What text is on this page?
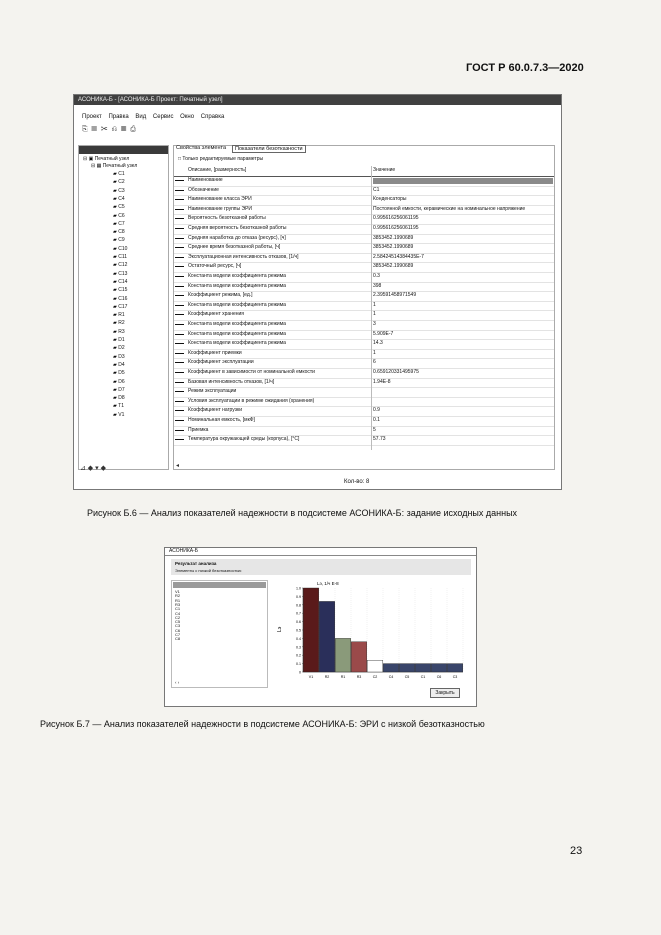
ГОСТ Р 60.0.7.3—2020
АСОНИКА-Б - [АСОНИКА-Б Проект: Печатный узел]
Проект Правка Вид Сервис Окно Справка
⎘ ▤ ✂ ⎌ ▦ ⎙
⊟ ▣ Печатный узел
⊟ ▦ Печатный узел
▰ C1
▰ C2
▰ C3
▰ C4
▰ C5
▰ C6
▰ C7
▰ C8
▰ C9
▰ C10
▰ C11
▰ C12
▰ C13
▰ C14
▰ C15
▰ C16
▰ C17
▰ R1
▰ R2
▰ R3
▰ D1
▰ D2
▰ D3
▰ D4
▰ D5
▰ D6
▰ D7
▰ D8
▰ T1
▰ V1
⊿ ◆ ▾ ◆
Свойства элемента	Показатели безотказности
□ Только редактируемые параметры
Описание, [размерность]	Значение
Наименование
Обозначение	C1
Наименование класса ЭРИ	Конденсаторы
Наименование группы ЭРИ	Постоянной емкости, керамические на номинальное напряжение
Вероятность безотказной работы	0.995616256061195
Средняя вероятность безотказной работы	0.995616256061195
Средняя наработка до отказа (ресурс), [ч]	3853452.1990689
Среднее время безотказной работы, [ч]	3853452.1990689
Эксплуатационная интенсивность отказов, [1/ч]	2.58424514384435E-7
Остаточный ресурс, [ч]	3853452.1990689
Константа модели коэффициента режима	0.3
Константа модели коэффициента режима	398
Коэффициент режима, [ед.]	2.39591458971549
Константа модели коэффициента режима	1
Коэффициент хранения	1
Константа модели коэффициента режима	3
Константа модели коэффициента режима	5.909E-7
Константа модели коэффициента режима	14.3
Коэффициент приемки	1
Коэффициент эксплуатации	6
Коэффициент в зависимости от номинальной емкости	0.659120331495975
Базовая интенсивность отказов, [1/ч]	1.94E-8
Режим эксплуатации
Условия эксплуатации в режиме ожидания (хранения)
Коэффициент нагрузки	0.9
Номинальная емкость, [мкФ]	0.1
Приемка	5
Температура окружающей среды (корпуса), [°C]	57.73
◂
Кол-во: 8
Рисунок Б.6 — Анализ показателей надежности в подсистеме АСОНИКА-Б: задание исходных данных
АСОНИКА-Б
Результат анализа
Элементы с низкой безотказностью
V1
R2
R1
R3
C1
C4
C2
C5
C3
C6
C7
C8
‹ ›
Lэ, 1/ч E-8
Lэ
0
0.1
0.2
0.3
0.4
0.5
0.6
0.7
0.8
0.9
1.0
V1	R2	R1	R3	C2	C4	C5	C1	C6	C3
Закрыть
Рисунок Б.7 — Анализ показателей надежности в подсистеме АСОНИКА-Б: ЭРИ с низкой безотказностью
23
